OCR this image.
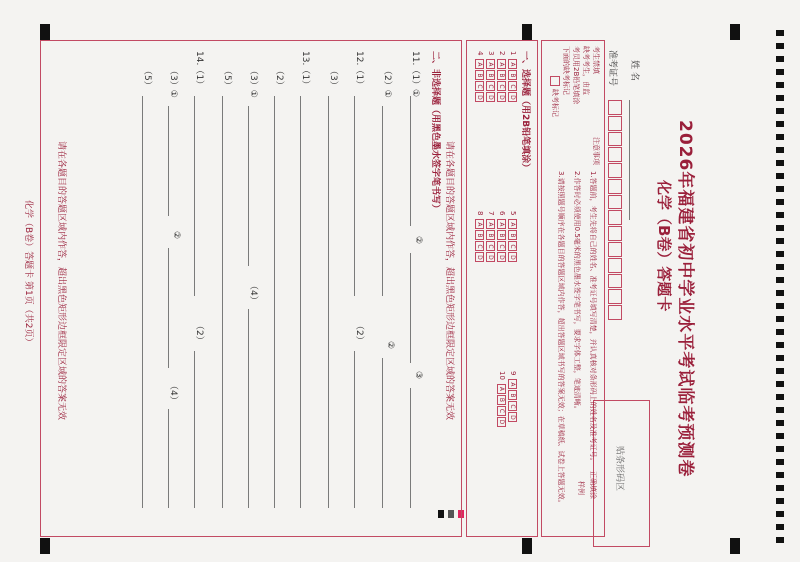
2026年福建省初中学业水平考试临考预测卷
化学（B卷）答题卡
姓 名
准考证号
贴条形码区
考生禁填
缺考考生，由监
考员用2B铅笔填涂
下面的缺考标记
缺考标记
注意事项
1.答题前，考生先将自己的姓名、准考证号填写清楚，并认真核对条形码上的姓名及准考证号。
2.作答时必须使用0.5毫米的黑色墨水签字笔书写，要求字体工整，笔迹清晰。
3.请按照题号顺序在各题目的答题区域内作答，超出答题区域书写的答案无效；在草稿纸、试卷上答题无效。	正确填涂
样例
一、选择题（用2B铅笔填涂）
1ABCD
2ABCD
3ABCD
4ABCD
5ABCD
6ABCD
7ABCD
8ABCD
9ABCD
10ABCD
请在各题目的答题区域内作答，超出黑色矩形边框限定区域的答案无效
二、非选择题（用黑色墨水签字笔书写）
11.（1）①
②
③
（2）①
②
12.（1）
（2）
（3）
13.（1）
（2）
（3）①
（4）
（5）
14.（1）
（2）
（3）①
②
（4）
（5）
请在各题目的答题区域内作答，超出黑色矩形边框限定区域的答案无效
化学（B卷）答题卡 第1页（共2页）
